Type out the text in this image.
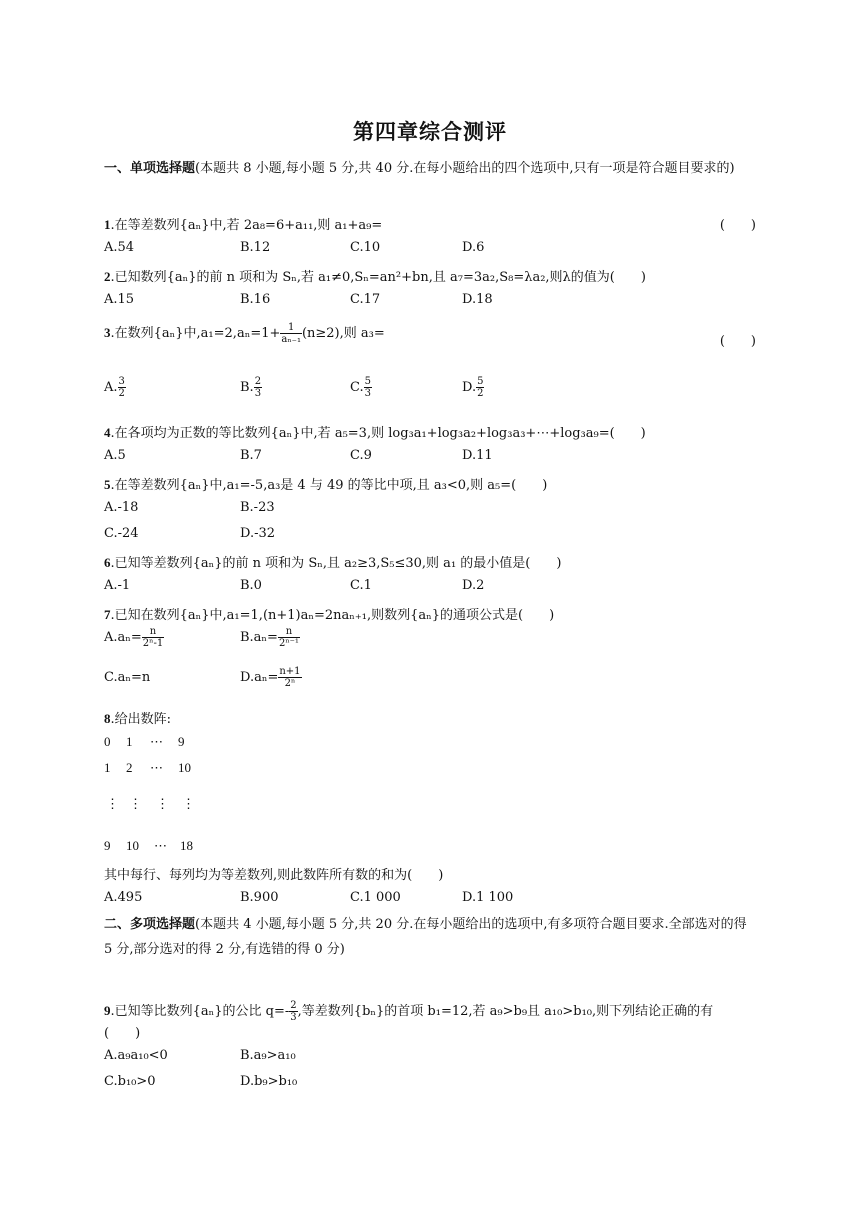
第四章综合测评
一、单项选择题(本题共 8 小题,每小题 5 分,共 40 分.在每小题给出的四个选项中,只有一项是符合题目要求的)
1.在等差数列{aₙ}中,若 2a₈=6+a₁₁,则 a₁+a₉=	(　　)
A.54	B.12	C.10	D.6
2.已知数列{aₙ}的前 n 项和为 Sₙ,若 a₁≠0,Sₙ=an²+bn,且 a₇=3a₂,S₈=λa₂,则λ的值为(　　)
A.15	B.16	C.17	D.18
3.在数列{aₙ}中$,a_1=2,a_n=1+ \frac{1}{\text{aₙ₋₁}} (n\ge 2)$,则 a₃=
(　　)
A. $\frac{3}{2}$	B. $\frac{2}{3}$	C. $\frac{5}{3}$	D. $\frac{5}{2}$
4.在各项均为正数的等比数列{aₙ}中,若 a₅=3,则 log₃a₁+log₃a₂+log₃a₃+⋯+log₃a₉=(　　)
A.5	B.7	C.9	D.11
5.在等差数列{aₙ}中,a₁=-5,a₃是 4 与 49 的等比中项,且 a₃<0,则 a₅=(　　)
A.-18	B.-23
C.-24	D.-32
6.已知等差数列{aₙ}的前 n 项和为 Sₙ,且 a₂≥3,S₅≤30,则 a₁ 的最小值是(　　)
A.-1	B.0	C.1	D.2
7.已知在数列{aₙ}中,a₁=1,(n+1)aₙ=2naₙ₊₁,则数列{aₙ}的通项公式是(　　)
$A.a_n= \frac{n}{\text{2ⁿ-1}}$	$B.a_n= \frac{n}{\text{2ⁿ⁻¹}}$
C.aₙ=n	$D.a_n= \frac{n+1}{\text{2ⁿ}}$
8.给出数阵:
0 1 ⋯ 9
1 2 ⋯ 10
⋮ ⋮ ⋮ ⋮
9 10 ⋯ 18
其中每行、每列均为等差数列,则此数阵所有数的和为(　　)
A.495	B.900	C.1 000	D.1 100
二、多项选择题(本题共 4 小题,每小题 5 分,共 20 分.在每小题给出的选项中,有多项符合题目要求.全部选对的得 5 分,部分选对的得 2 分,有选错的得 0 分)
9.已知等比数列{aₙ}的公比 $q=- \frac{2}{3}$ ,等差数列{bₙ}的首项 b₁=12,若 a₉>b₉且 a₁₀>b₁₀,则下列结论正确的有
(　　)
A.a₉a₁₀<0	B.a₉>a₁₀
C.b₁₀>0	D.b₉>b₁₀
